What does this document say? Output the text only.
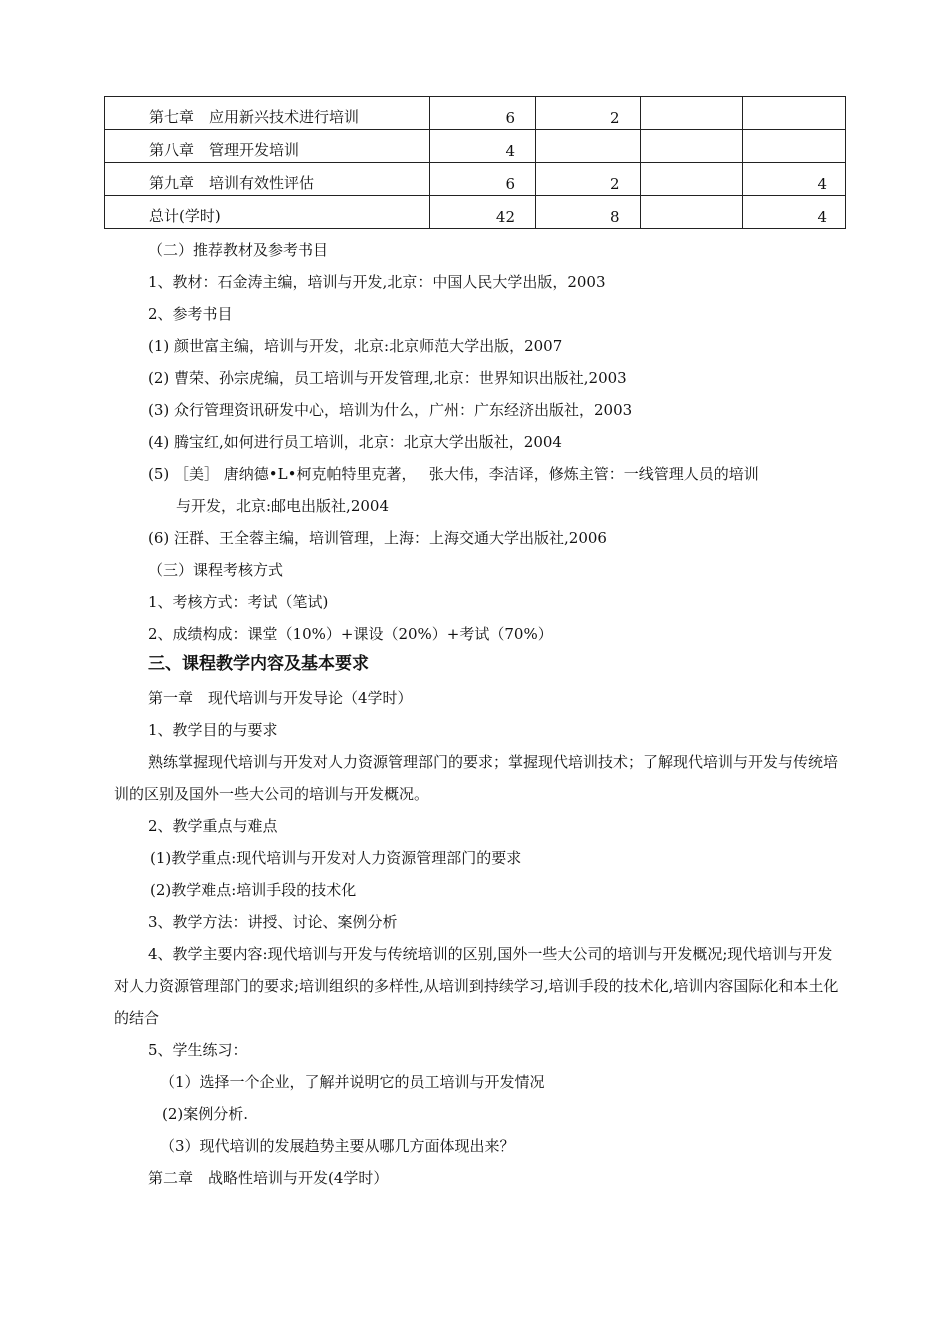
第七章　应用新兴技术进行培训	6	2		
第八章　管理开发培训	4			
第九章　培训有效性评估	6	2		4
总计(学时)	42	8		4
（二）推荐教材及参考书目
1、教材：石金涛主编，培训与开发,北京：中国人民大学出版，2003
2、参考书目
(1) 颜世富主编，培训与开发，北京:北京师范大学出版，2007
(2) 曹荣、孙宗虎编，员工培训与开发管理,北京：世界知识出版社,2003
(3) 众行管理资讯研发中心，培训为什么，广州：广东经济出版社，2003
(4) 腾宝红,如何进行员工培训，北京：北京大学出版社，2004
(5) ［美］ 唐纳德•L•柯克帕特里克著，　 张大伟，李洁译，修炼主管：一线管理人员的培训
与开发，北京:邮电出版社,2004
(6) 汪群、王全蓉主编，培训管理，上海：上海交通大学出版社,2006
（三）课程考核方式
1、考核方式：考试（笔试)
2、成绩构成：课堂（10%）+课设（20%）+考试（70%）
三、课程教学内容及基本要求
第一章　现代培训与开发导论（4学时）
1、教学目的与要求
熟练掌握现代培训与开发对人力资源管理部门的要求；掌握现代培训技术；了解现代培训与开发与传统培训的区别及国外一些大公司的培训与开发概况。
2、教学重点与难点
(1)教学重点:现代培训与开发对人力资源管理部门的要求
(2)教学难点:培训手段的技术化
3、教学方法：讲授、讨论、案例分析
4、教学主要内容:现代培训与开发与传统培训的区别,国外一些大公司的培训与开发概况;现代培训与开发对人力资源管理部门的要求;培训组织的多样性,从培训到持续学习,培训手段的技术化,培训内容国际化和本土化的结合
5、学生练习：
（1）选择一个企业，了解并说明它的员工培训与开发情况
(2)案例分析.
（3）现代培训的发展趋势主要从哪几方面体现出来？
第二章　战略性培训与开发(4学时）
